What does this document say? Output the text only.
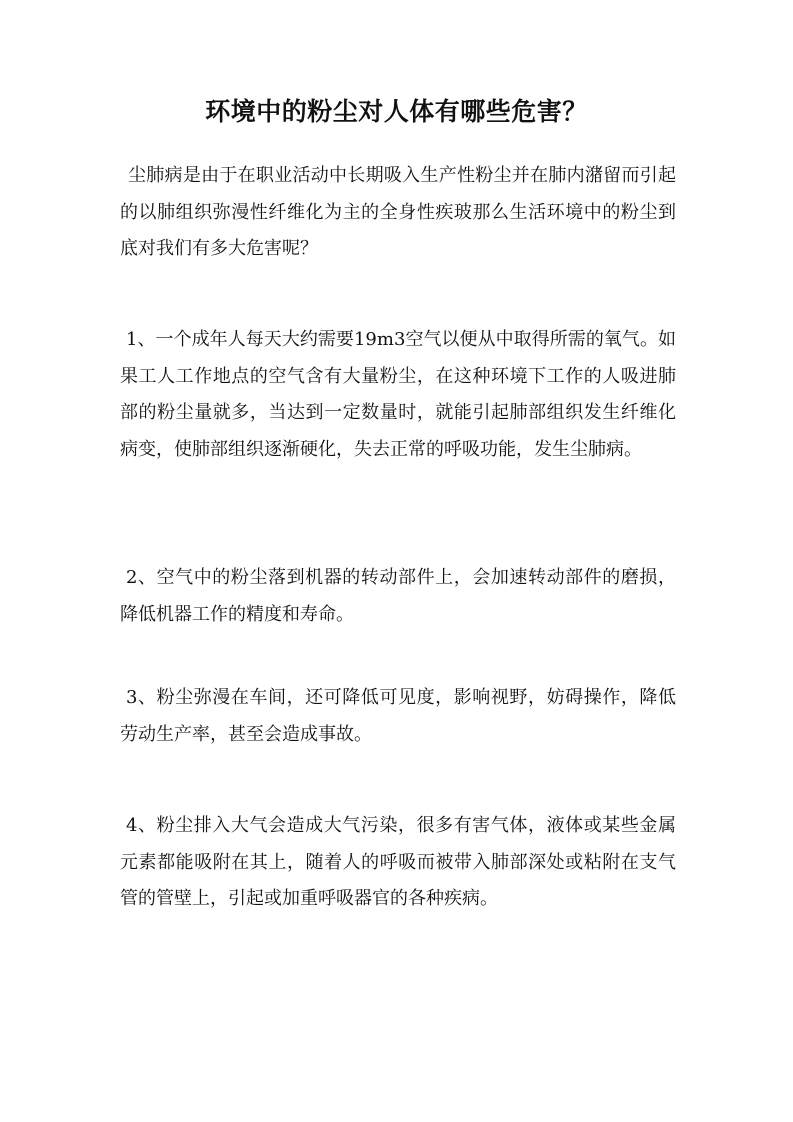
环境中的粉尘对人体有哪些危害？

尘肺病是由于在职业活动中长期吸入生产性粉尘并在肺内潴留而引起的以肺组织弥漫性纤维化为主的全身性疾玻那么生活环境中的粉尘到底对我们有多大危害呢？

1、一个成年人每天大约需要19m3空气以便从中取得所需的氧气。如果工人工作地点的空气含有大量粉尘，在这种环境下工作的人吸进肺部的粉尘量就多，当达到一定数量时，就能引起肺部组织发生纤维化病变，使肺部组织逐渐硬化，失去正常的呼吸功能，发生尘肺病。

2、空气中的粉尘落到机器的转动部件上，会加速转动部件的磨损，降低机器工作的精度和寿命。

3、粉尘弥漫在车间，还可降低可见度，影响视野，妨碍操作，降低劳动生产率，甚至会造成事故。

4、粉尘排入大气会造成大气污染，很多有害气体，液体或某些金属元素都能吸附在其上，随着人的呼吸而被带入肺部深处或粘附在支气管的管壁上，引起或加重呼吸器官的各种疾病。
